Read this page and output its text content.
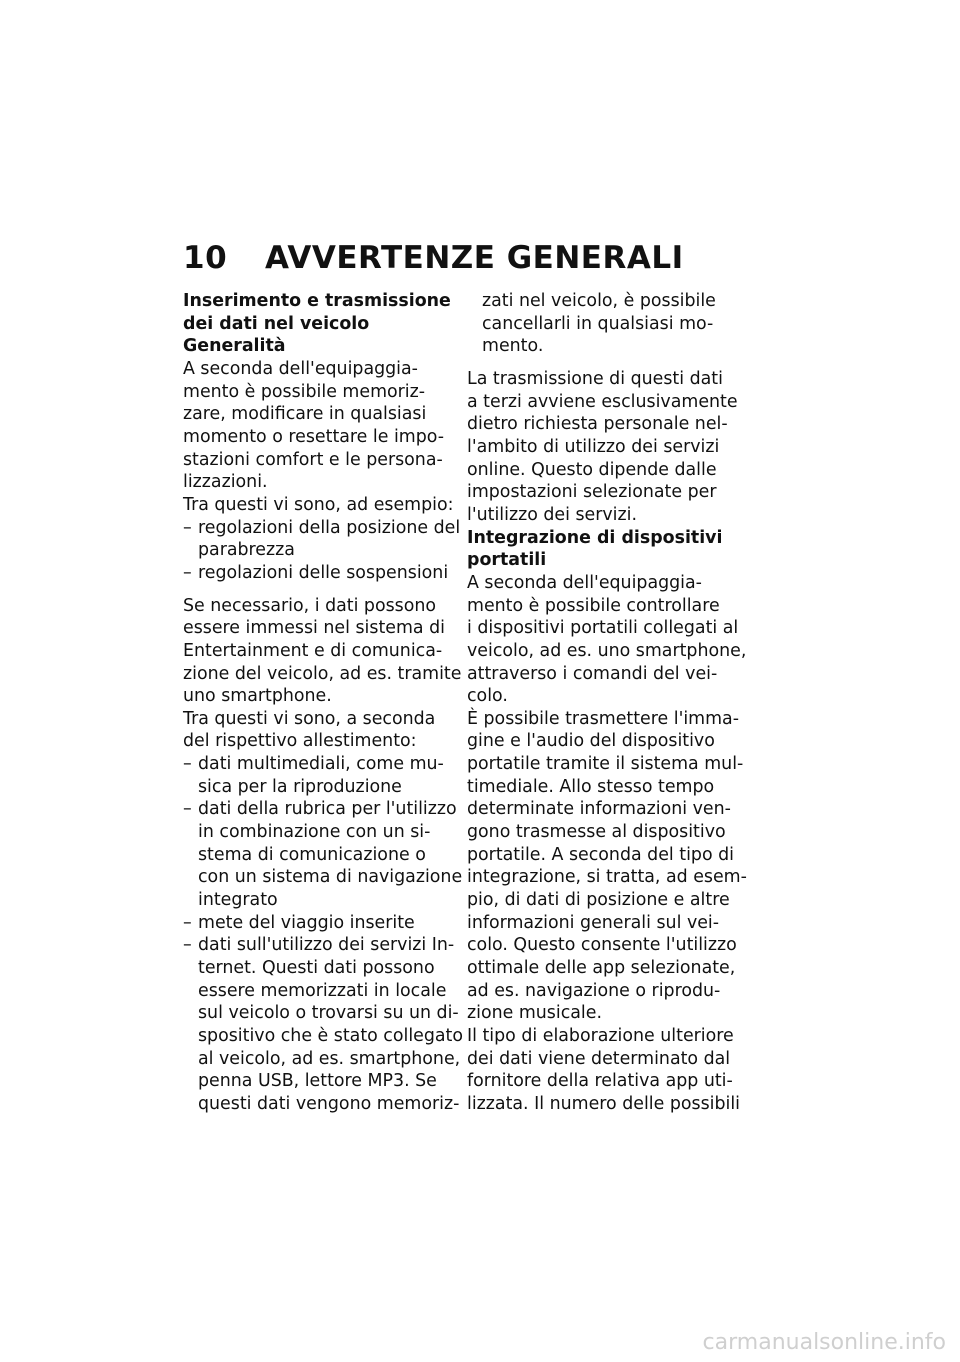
10 AVVERTENZE GENERALI
Inserimento e trasmissione
dei dati nel veicolo
Generalità

A seconda dell'equipaggia-

mento è possibile memoriz-

zare, modificare in qualsiasi

momento o resettare le impo-

stazioni comfort e le persona-

lizzazioni.

Tra questi vi sono, ad esempio:

– regolazioni della posizione del
parabrezza
– regolazioni delle sospensioni

Se necessario, i dati possono

essere immessi nel sistema di

Entertainment e di comunica-

zione del veicolo, ad es. tramite

uno smartphone.

Tra questi vi sono, a seconda

del rispettivo allestimento:

– dati multimediali, come mu-
sica per la riproduzione
– dati della rubrica per l'utilizzo
in combinazione con un si-
stema di comunicazione o
con un sistema di navigazione
integrato
– mete del viaggio inserite
– dati sull'utilizzo dei servizi In-
ternet. Questi dati possono
essere memorizzati in locale
sul veicolo o trovarsi su un di-
spositivo che è stato collegato
al veicolo, ad es. smartphone,
penna USB, lettore MP3. Se
questi dati vengono memoriz-

zati nel veicolo, è possibile

cancellarli in qualsiasi mo-

mento.

La trasmissione di questi dati

a terzi avviene esclusivamente

dietro richiesta personale nel-

l'ambito di utilizzo dei servizi

online. Questo dipende dalle

impostazioni selezionate per

l'utilizzo dei servizi.

Integrazione di dispositivi
portatili

A seconda dell'equipaggia-

mento è possibile controllare

i dispositivi portatili collegati al

veicolo, ad es. uno smartphone,

attraverso i comandi del vei-

colo.

È possibile trasmettere l'imma-

gine e l'audio del dispositivo

portatile tramite il sistema mul-

timediale. Allo stesso tempo

determinate informazioni ven-

gono trasmesse al dispositivo

portatile. A seconda del tipo di

integrazione, si tratta, ad esem-

pio, di dati di posizione e altre

informazioni generali sul vei-

colo. Questo consente l'utilizzo

ottimale delle app selezionate,

ad es. navigazione o riprodu-

zione musicale.

Il tipo di elaborazione ulteriore

dei dati viene determinato dal

fornitore della relativa app uti-

lizzata. Il numero delle possibili

carmanualsonline.info
